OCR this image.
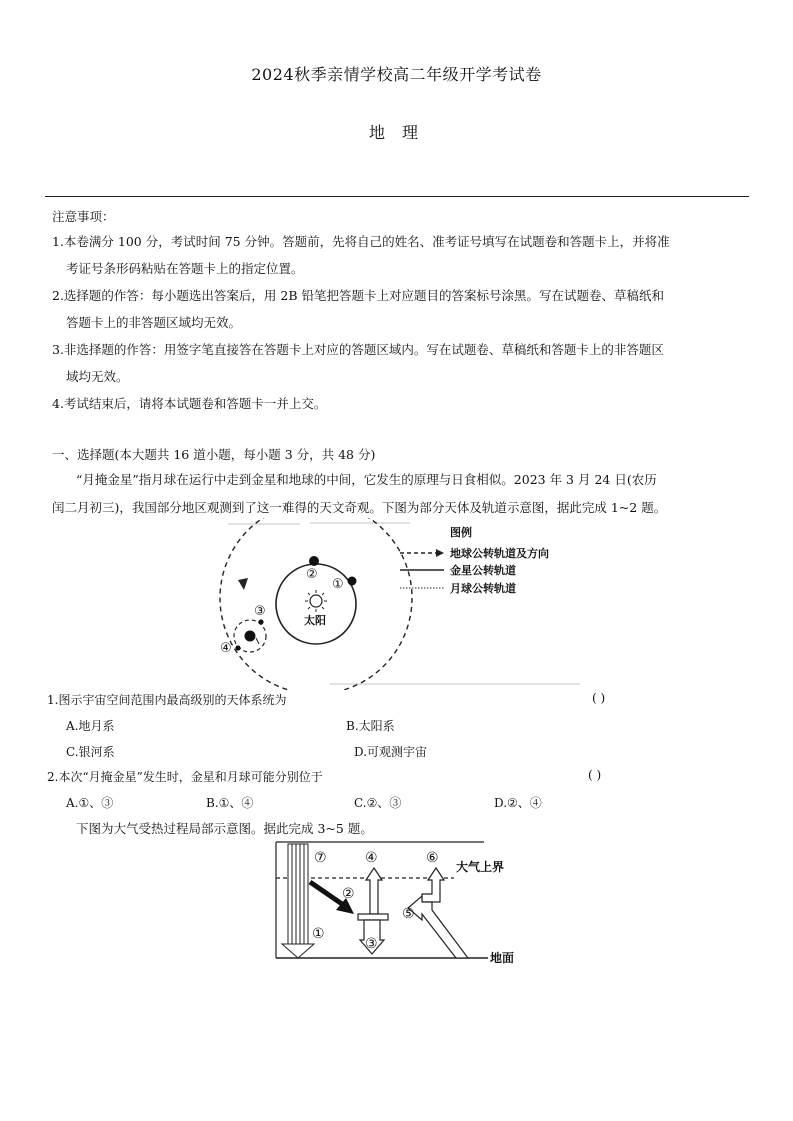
2024秋季亲情学校高二年级开学考试卷
地 理
注意事项：
1.本卷满分 100 分，考试时间 75 分钟。答题前，先将自己的姓名、准考证号填写在试题卷和答题卡上，并将准
考证号条形码粘贴在答题卡上的指定位置。
2.选择题的作答：每小题选出答案后，用 2B 铅笔把答题卡上对应题目的答案标号涂黑。写在试题卷、草稿纸和
答题卡上的非答题区域均无效。
3.非选择题的作答：用签字笔直接答在答题卡上对应的答题区域内。写在试题卷、草稿纸和答题卡上的非答题区
域均无效。
4.考试结束后，请将本试题卷和答题卡一并上交。
一、选择题(本大题共 16 道小题，每小题 3 分，共 48 分)
“月掩金星”指月球在运行中走到金星和地球的中间，它发生的原理与日食相似。2023 年 3 月 24 日(农历
闰二月初三)，我国部分地区观测到了这一难得的天文奇观。下图为部分天体及轨道示意图，据此完成 1~2 题。
太阳
②
①
③
④
图例
地球公转轨道及方向
金星公转轨道
月球公转轨道
1.图示宇宙空间范围内最高级别的天体系统为	( )
A.地月系	B.太阳系
C.银河系	D.可观测宇宙
2.本次“月掩金星”发生时，金星和月球可能分别位于	( )
A.①、③	B.①、④	C.②、③	D.②、④
下图为大气受热过程局部示意图。据此完成 3~5 题。
大气上界
地面
⑦
①
②
④
③
⑥
⑤
